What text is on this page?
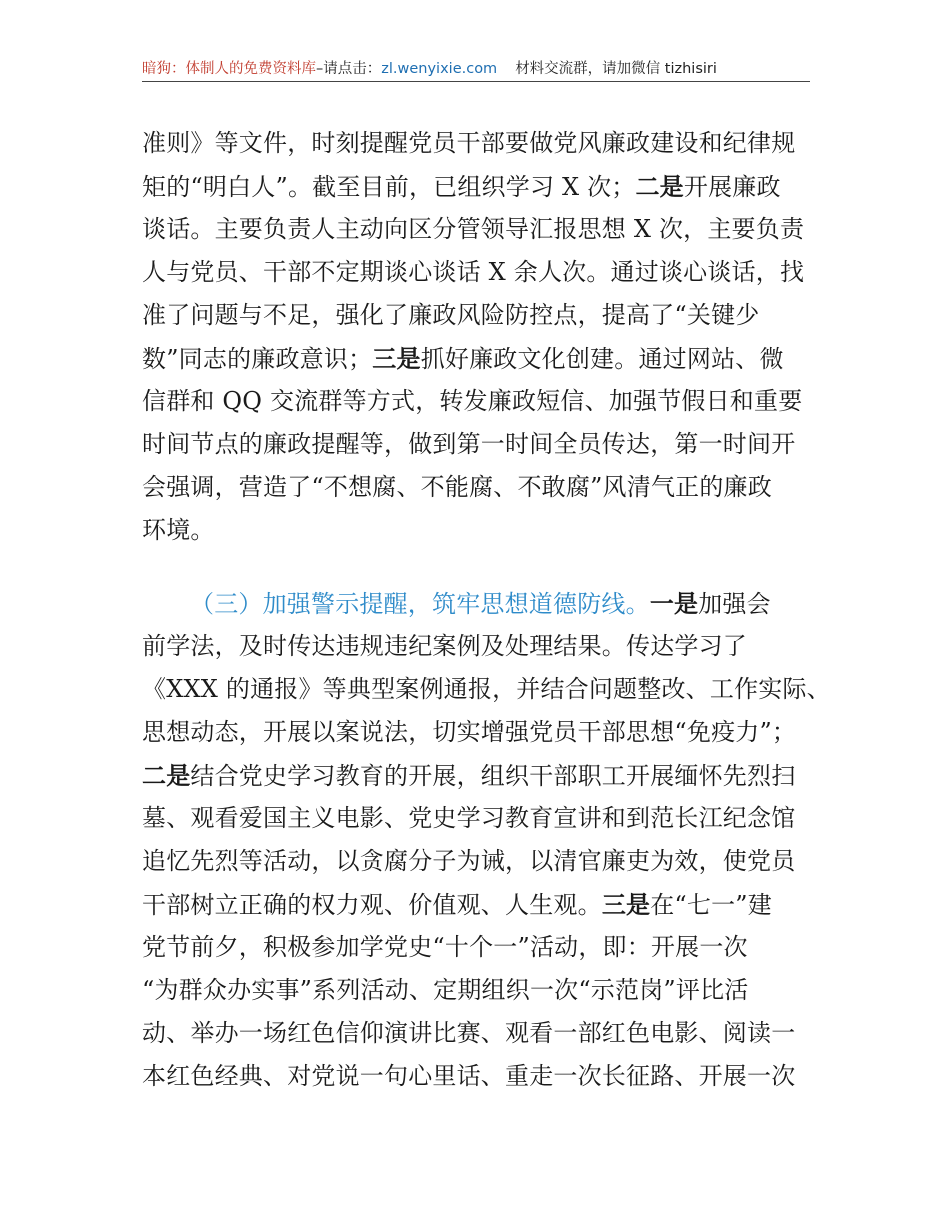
暗狗：体制人的免费资料库–请点击：zl.wenyixie.com 材料交流群，请加微信 tizhisiri
准则》等文件，时刻提醒党员干部要做党风廉政建设和纪律规
矩的“明白人”。截至目前，已组织学习 X 次；二是开展廉政
谈话。主要负责人主动向区分管领导汇报思想 X 次，主要负责
人与党员、干部不定期谈心谈话 X 余人次。通过谈心谈话，找
准了问题与不足，强化了廉政风险防控点，提高了“关键少
数”同志的廉政意识；三是抓好廉政文化创建。通过网站、微
信群和 QQ 交流群等方式，转发廉政短信、加强节假日和重要
时间节点的廉政提醒等，做到第一时间全员传达，第一时间开
会强调，营造了“不想腐、不能腐、不敢腐”风清气正的廉政
环境。
（三）加强警示提醒，筑牢思想道德防线。一是加强会
前学法，及时传达违规违纪案例及处理结果。传达学习了
《XXX 的通报》等典型案例通报，并结合问题整改、工作实际、
思想动态，开展以案说法，切实增强党员干部思想“免疫力”；
二是结合党史学习教育的开展，组织干部职工开展缅怀先烈扫
墓、观看爱国主义电影、党史学习教育宣讲和到范长江纪念馆
追忆先烈等活动，以贪腐分子为诫，以清官廉吏为效，使党员
干部树立正确的权力观、价值观、人生观。三是在“七一”建
党节前夕，积极参加学党史“十个一”活动，即：开展一次
“为群众办实事”系列活动、定期组织一次“示范岗”评比活
动、举办一场红色信仰演讲比赛、观看一部红色电影、阅读一
本红色经典、对党说一句心里话、重走一次长征路、开展一次
